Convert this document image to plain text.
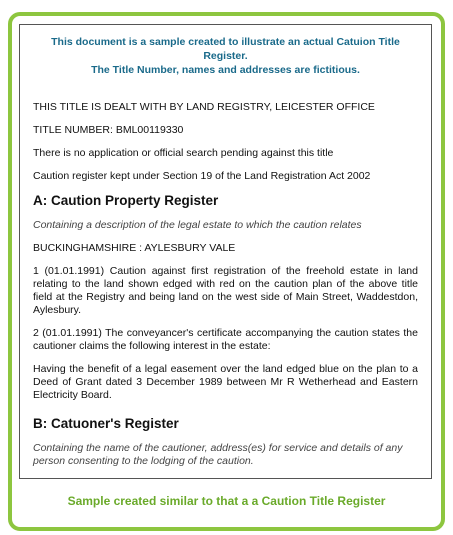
This document is a sample created to illustrate an actual Catuion Title Register.
The Title Number, names and addresses are fictitious.
THIS TITLE IS DEALT WITH BY LAND REGISTRY, LEICESTER OFFICE
TITLE NUMBER: BML00119330
There is no application or official search pending against this title
Caution register kept under Section 19 of the Land Registration Act 2002
A: Caution Property Register
Containing a description of the legal estate to which the caution relates
BUCKINGHAMSHIRE : AYLESBURY VALE
1 (01.01.1991) Caution against first registration of the freehold estate in land relating to the land shown edged with red on the caution plan of the above title field at the Registry and being land on the west side of Main Street, Waddestdon, Aylesbury.
2 (01.01.1991) The conveyancer's certificate accompanying the caution states the cautioner claims the following interest in the estate:
Having the benefit of a legal easement over the land edged blue on the plan to a Deed of Grant dated 3 December 1989 between Mr R Wetherhead and Eastern Electricity Board.
B: Catuoner's Register
Containing the name of the cautioner, address(es) for service and details of any person consenting to the lodging of the caution.
Sample created similar to that a a Caution Title Register
